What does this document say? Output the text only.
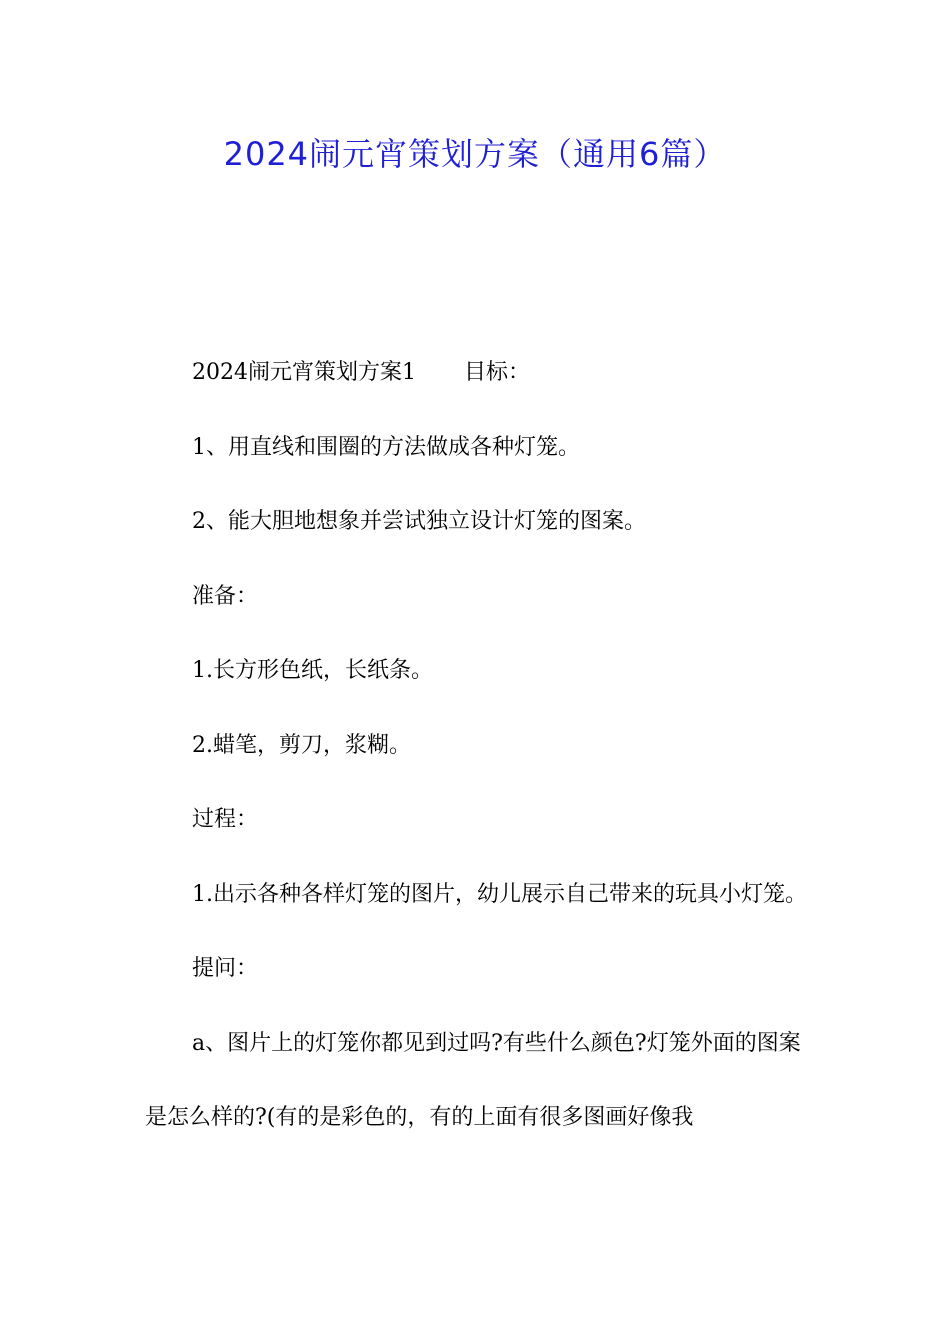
2024闹元宵策划方案（通用6篇）

2024闹元宵策划方案1 目标：

1、用直线和围圈的方法做成各种灯笼。

2、能大胆地想象并尝试独立设计灯笼的图案。

准备：

1.长方形色纸，长纸条。

2.蜡笔，剪刀，浆糊。

过程：

1.出示各种各样灯笼的图片，幼儿展示自己带来的玩具小灯笼。

提问：

a、图片上的灯笼你都见到过吗?有些什么颜色?灯笼外面的图案是怎么样的?(有的是彩色的，有的上面有很多图画好像我
